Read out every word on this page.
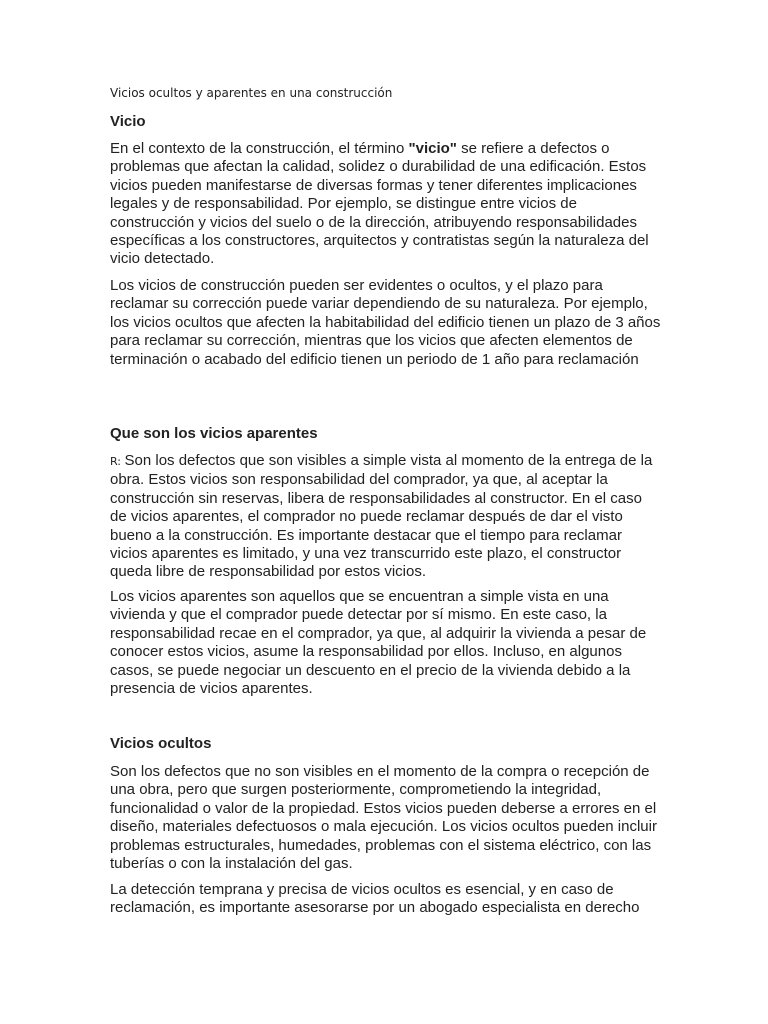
Vicios ocultos y aparentes en una construcción
Vicio
En el contexto de la construcción, el término "vicio" se refiere a defectos o problemas que afectan la calidad, solidez o durabilidad de una edificación. Estos vicios pueden manifestarse de diversas formas y tener diferentes implicaciones legales y de responsabilidad. Por ejemplo, se distingue entre vicios de construcción y vicios del suelo o de la dirección, atribuyendo responsabilidades específicas a los constructores, arquitectos y contratistas según la naturaleza del vicio detectado.
Los vicios de construcción pueden ser evidentes o ocultos, y el plazo para reclamar su corrección puede variar dependiendo de su naturaleza. Por ejemplo, los vicios ocultos que afecten la habitabilidad del edificio tienen un plazo de 3 años para reclamar su corrección, mientras que los vicios que afecten elementos de terminación o acabado del edificio tienen un periodo de 1 año para reclamación
Que son los vicios aparentes
R: Son los defectos que son visibles a simple vista al momento de la entrega de la obra. Estos vicios son responsabilidad del comprador, ya que, al aceptar la construcción sin reservas, libera de responsabilidades al constructor. En el caso de vicios aparentes, el comprador no puede reclamar después de dar el visto bueno a la construcción. Es importante destacar que el tiempo para reclamar vicios aparentes es limitado, y una vez transcurrido este plazo, el constructor queda libre de responsabilidad por estos vicios.
Los vicios aparentes son aquellos que se encuentran a simple vista en una vivienda y que el comprador puede detectar por sí mismo. En este caso, la responsabilidad recae en el comprador, ya que, al adquirir la vivienda a pesar de conocer estos vicios, asume la responsabilidad por ellos. Incluso, en algunos casos, se puede negociar un descuento en el precio de la vivienda debido a la presencia de vicios aparentes.
Vicios ocultos
Son los defectos que no son visibles en el momento de la compra o recepción de una obra, pero que surgen posteriormente, comprometiendo la integridad, funcionalidad o valor de la propiedad. Estos vicios pueden deberse a errores en el diseño, materiales defectuosos o mala ejecución. Los vicios ocultos pueden incluir problemas estructurales, humedades, problemas con el sistema eléctrico, con las tuberías o con la instalación del gas.
La detección temprana y precisa de vicios ocultos es esencial, y en caso de reclamación, es importante asesorarse por un abogado especialista en derecho
